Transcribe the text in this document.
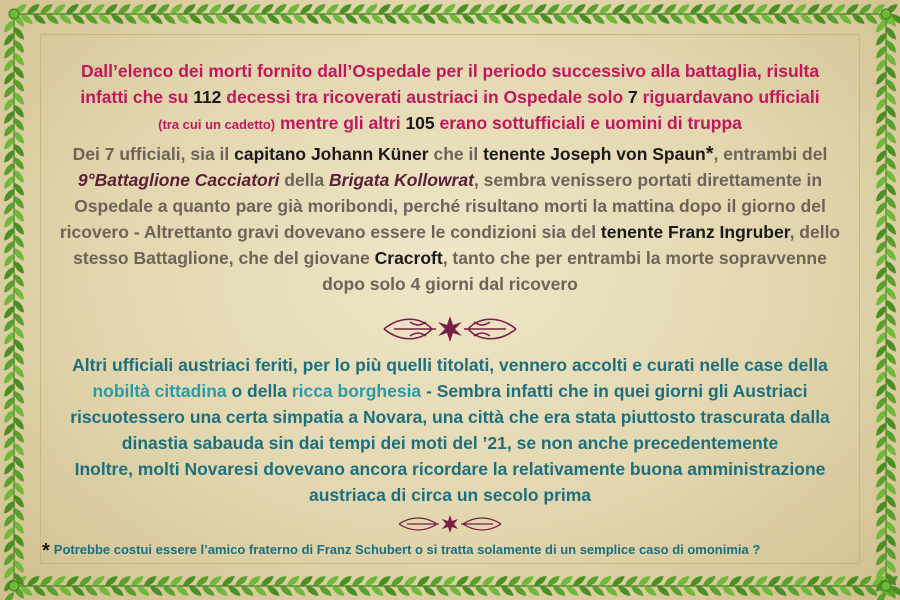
Dall’elenco dei morti fornito dall’Ospedale per il periodo successivo alla battaglia, risulta infatti che su 112 decessi tra ricoverati austriaci in Ospedale solo 7 riguardavano ufficiali
(tra cui un cadetto) mentre gli altri 105 erano sottufficiali e uomini di truppa
Dei 7 ufficiali, sia il capitano Johann Küner che il tenente Joseph von Spaun*, entrambi del 9°Battaglione Cacciatori della Brigata Kollowrat, sembra venissero portati direttamente in Ospedale a quanto pare già moribondi, perché risultano morti la mattina dopo il giorno del ricovero - Altrettanto gravi dovevano essere le condizioni sia del tenente Franz Ingruber, dello stesso Battaglione, che del giovane Cracroft, tanto che per entrambi la morte sopravvenne dopo solo 4 giorni dal ricovero
Altri ufficiali austriaci feriti, per lo più quelli titolati, vennero accolti e curati nelle case della nobiltà cittadina o della ricca borghesia - Sembra infatti che in quei giorni gli Austriaci riscuotessero una certa simpatia a Novara, una città che era stata piuttosto trascurata dalla dinastia sabauda sin dai tempi dei moti del ’21, se non anche precedentemente
Inoltre, molti Novaresi dovevano ancora ricordare la relativamente buona amministrazione austriaca di circa un secolo prima
* Potrebbe costui essere l’amico fraterno di Franz Schubert o si tratta solamente di un semplice caso di omonimia ?
